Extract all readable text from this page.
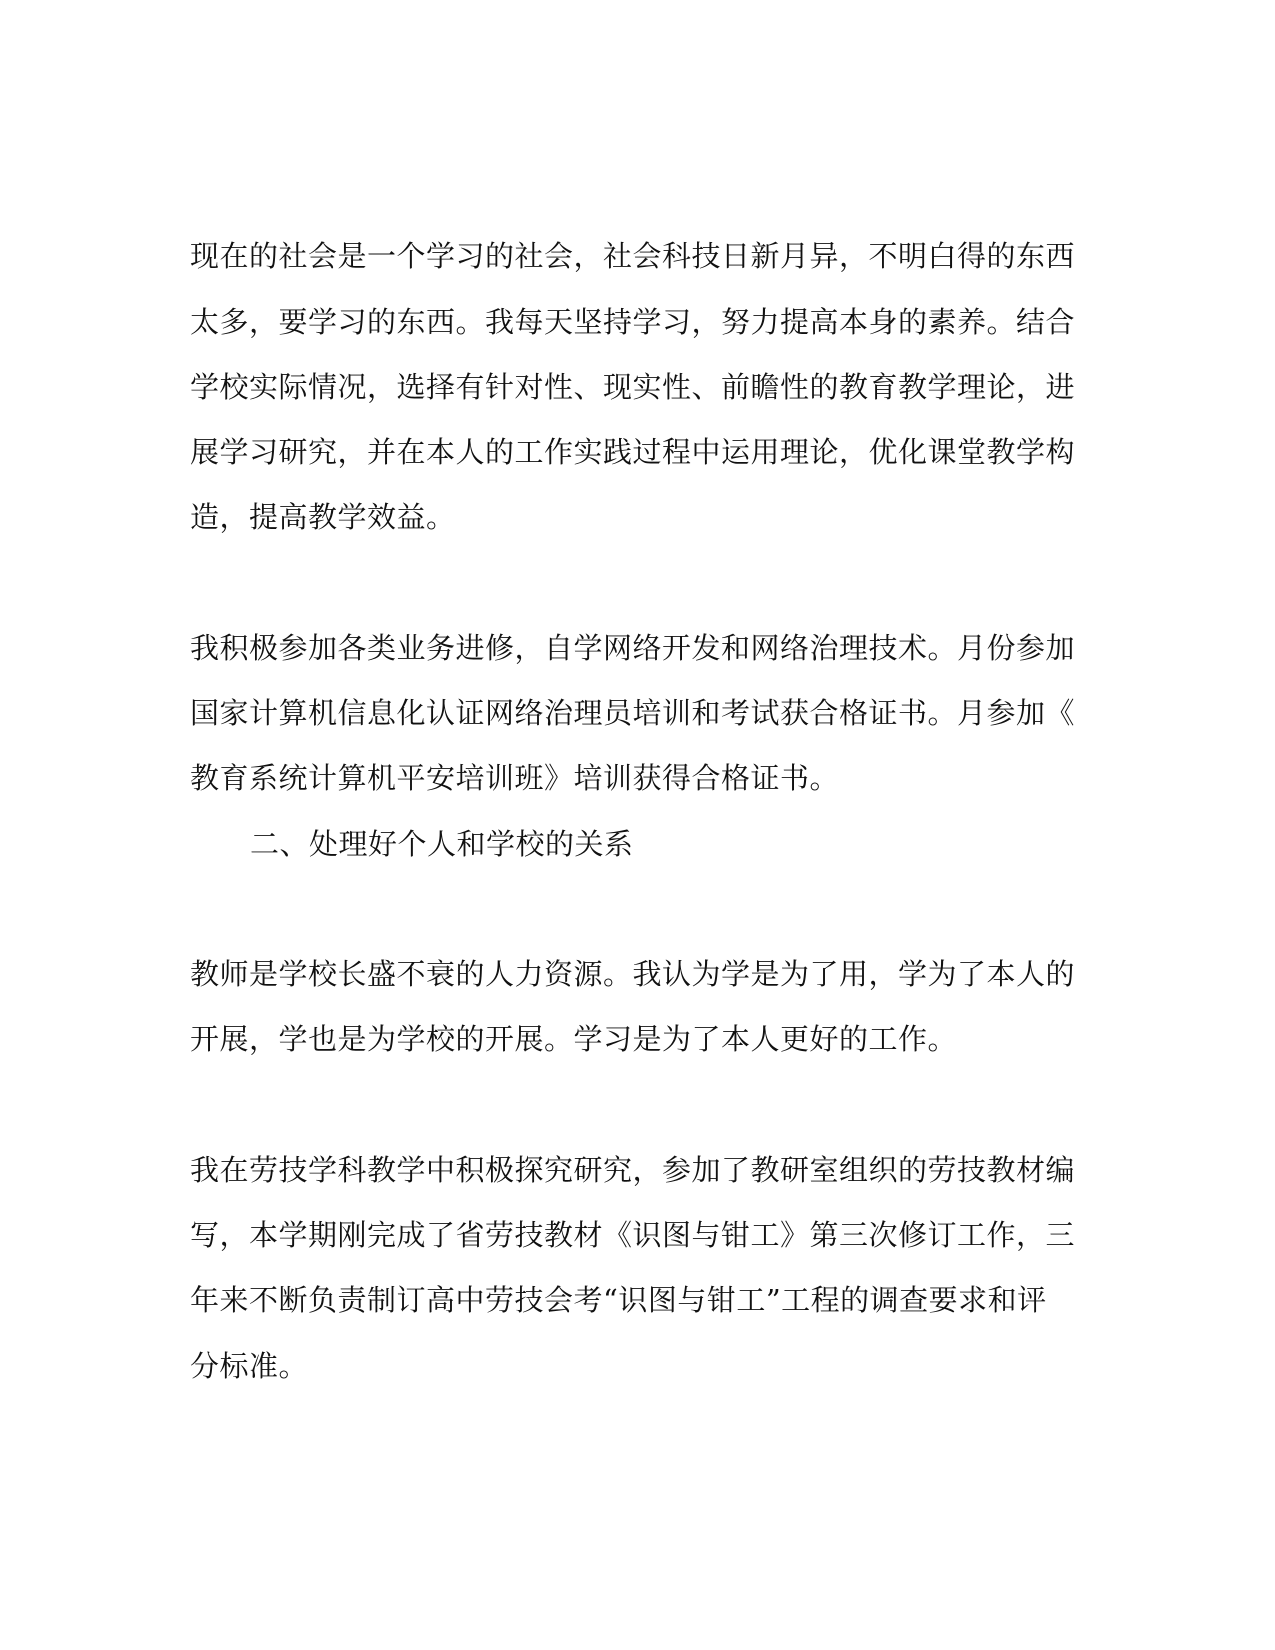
现在的社会是一个学习的社会，社会科技日新月异，不明白得的东西
太多，要学习的东西。我每天坚持学习，努力提高本身的素养。结合
学校实际情况，选择有针对性、现实性、前瞻性的教育教学理论，进
展学习研究，并在本人的工作实践过程中运用理论，优化课堂教学构
造，提高教学效益。
我积极参加各类业务进修，自学网络开发和网络治理技术。月份参加
国家计算机信息化认证网络治理员培训和考试获合格证书。月参加《
教育系统计算机平安培训班》培训获得合格证书。
二、处理好个人和学校的关系
教师是学校长盛不衰的人力资源。我认为学是为了用，学为了本人的
开展，学也是为学校的开展。学习是为了本人更好的工作。
我在劳技学科教学中积极探究研究，参加了教研室组织的劳技教材编
写，本学期刚完成了省劳技教材《识图与钳工》第三次修订工作，三
年来不断负责制订高中劳技会考“识图与钳工”工程的调查要求和评
分标准。
